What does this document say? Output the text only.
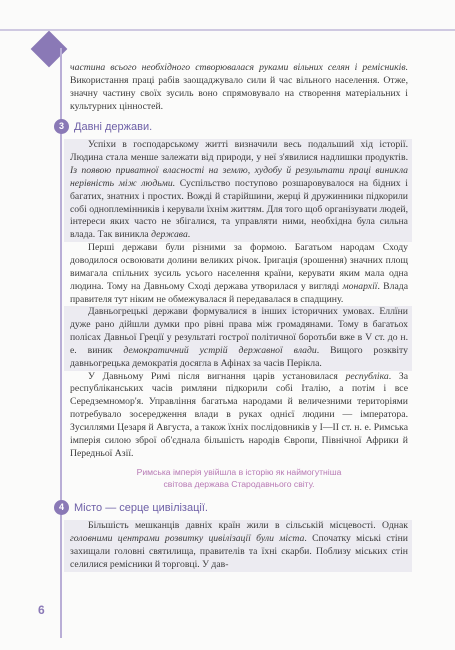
частина всього необхідного створювалася руками вільних селян і ремісників. Використання праці рабів заощаджувало сили й час вільного населення. Отже, значну частину своїх зусиль воно спрямовувало на створення матеріальних і культурних цінностей.

3 Давні держави.

Успіхи в господарському житті визначили весь подальший хід історії. Людина стала менше залежати від природи, у неї з'явилися надлишки продуктів. Із появою приватної власності на землю, худобу й результати праці виникла нерівність між людьми. Суспільство поступово розшаровувалося на бідних і багатих, знатних і простих. Вожді й старійшини, жерці й дружинники підкорили собі одноплемінників і керували їхнім життям. Для того щоб організувати людей, інтереси яких часто не збігалися, та управляти ними, необхідна була сильна влада. Так виникла держава.

Перші держави були різними за формою. Багатьом народам Сходу доводилося освоювати долини великих річок. Іригація (зрошення) значних площ вимагала спільних зусиль усього населення країни, керувати яким мала одна людина. Тому на Давньому Сході держава утворилася у вигляді монархії. Влада правителя тут ніким не обмежувалася й передавалася в спадщину.

Давньогрецькі держави формувалися в інших історичних умовах. Еллїни дуже рано дійшли думки про рівні права між громадянами. Тому в багатьох полісах Давньої Греції у результаті гострої політичної боротьби вже в V ст. до н. е. виник демократичний устрій державної влади. Вищого розквіту давньогрецька демократія досягла в Афінах за часів Перікла.

У Давньому Римі після вигнання царів установилася республіка. За республіканських часів римляни підкорили собі Італію, а потім і все Середземномор'я. Управління багатьма народами й величезними територіями потребувало зосередження влади в руках однієї людини — імператора. Зусиллями Цезаря й Августа, а також їхніх послідовників у І—ІІ ст. н. е. Римська імперія силою зброї об'єднала більшість народів Європи, Північної Африки й Передньої Азії.

Римська імперія увійшла в історію як наймогутніша
світова держава Стародавнього світу.
4 Місто — серце цивілізації.

Більшість мешканців давніх країн жили в сільській місцевості. Однак головними центрами розвитку цивілізації були міста. Спочатку міські стіни захищали головні святилища, правителів та їхні скарби. Поблизу міських стін селилися ремісники й торговці. У дав-

6
